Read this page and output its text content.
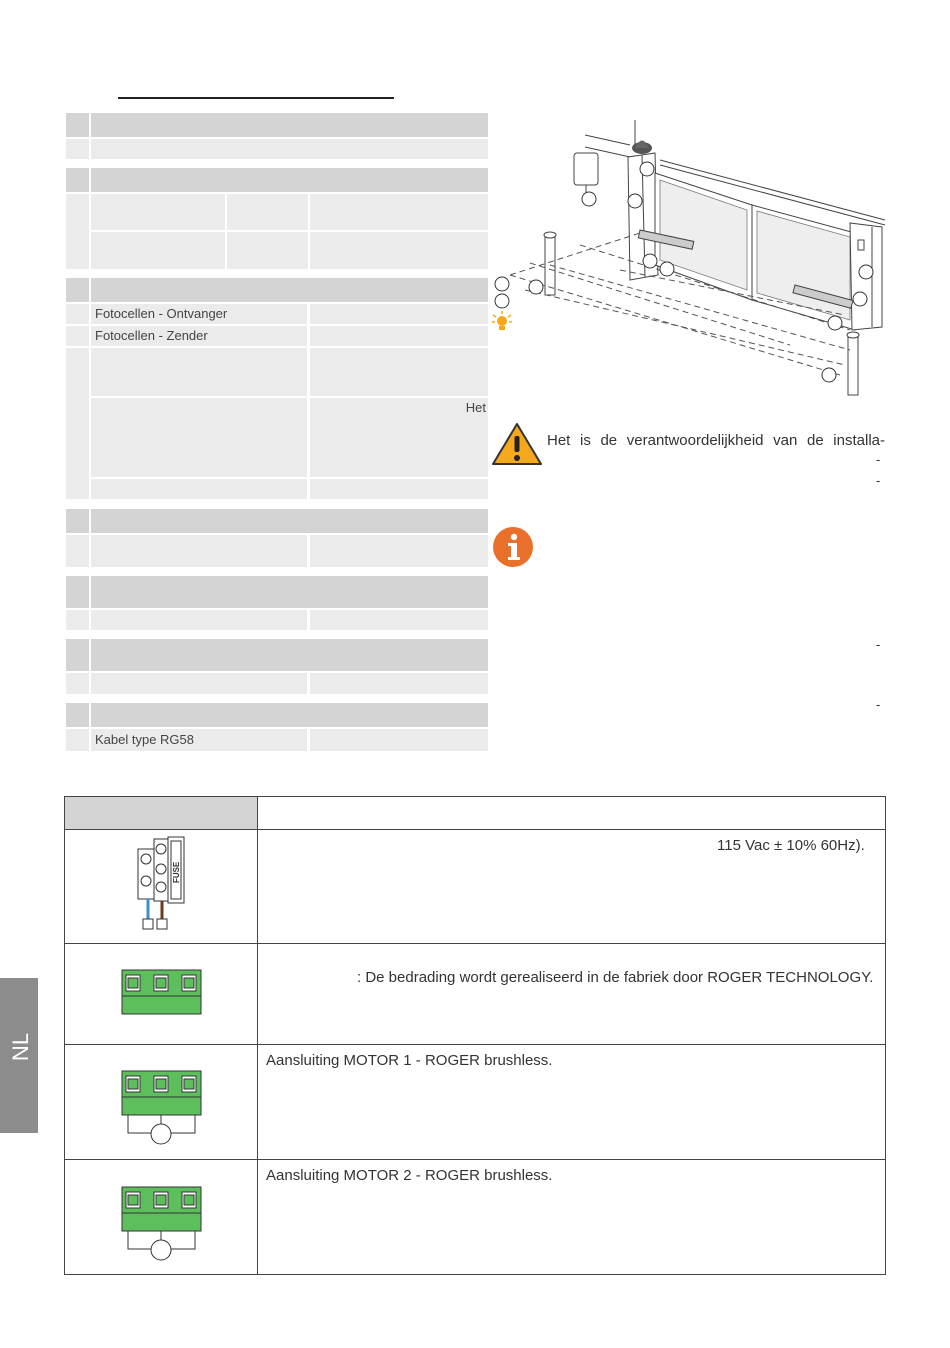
Fotocellen - Ontvanger
Fotocellen - Zender
Het
Kabel type RG58
Het is de verantwoordelijkheid van de installa-
-
-
-
-
FUSE
115 Vac ± 10% 60Hz).
: De bedrading wordt gerealiseerd in de fabriek door ROGER TECHNOLOGY.
Aansluiting MOTOR 1 - ROGER brushless.
Aansluiting MOTOR 2 - ROGER brushless.
NL
